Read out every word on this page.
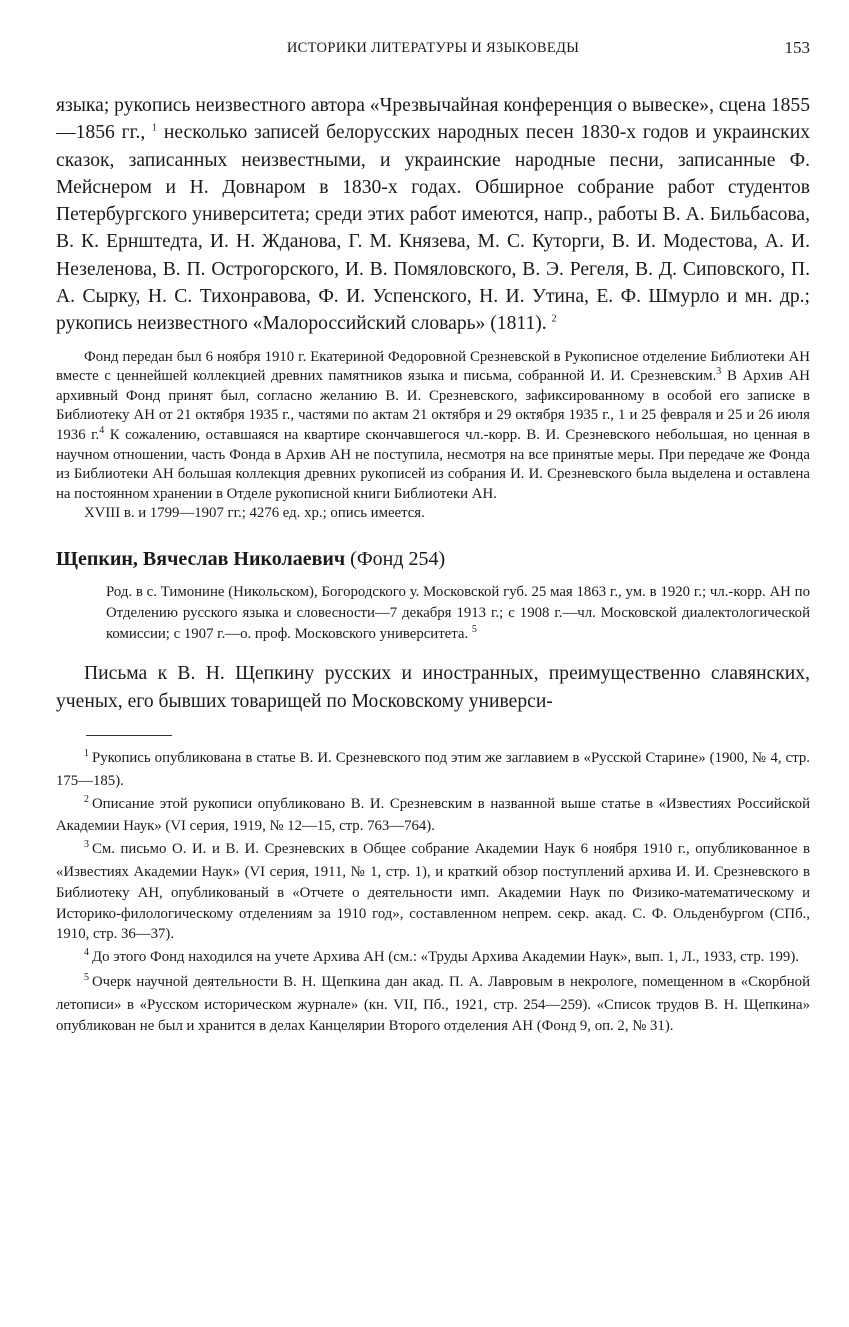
ИСТОРИКИ ЛИТЕРАТУРЫ И ЯЗЫКОВЕДЫ	153

языка; рукопись неизвестного автора «Чрезвычайная конференция о вывеске», сцена 1855—1856 гг., $^1$ несколько записей белорусских народных песен 1830-х годов и украинских сказок, записанных неизвестными, и украинские народные песни, записанные Ф. Мейснером и Н. Довнаром в 1830-х годах. Обширное собрание работ студентов Петербургского университета; среди этих работ имеются, напр., работы В. А. Бильбасова, В. К. Ернштедта, И. Н. Жданова, Г. М. Князева, М. С. Куторги, В. И. Модестова, А. И. Незеленова, В. П. Острогорского, И. В. Помяловского, В. Э. Регеля, В. Д. Сиповского, П. А. Сырку, Н. С. Тихонравова, Ф. И. Успенского, Н. И. Утина, Е. Ф. Шмурло и мн. др.; рукопись неизвестного «Малороссийский словарь» (1811). $^2$

Фонд передан был 6 ноября 1910 г. Екатериной Федоровной Срезневской в Рукописное отделение Библиотеки АН вместе с ценнейшей коллекцией древних памятников языка и письма, собранной И. И. Срезневским.$^3$ В Архив АН архивный Фонд принят был, согласно желанию В. И. Срезневского, зафиксированному в особой его записке в Библиотеку АН от 21 октября 1935 г., частями по актам 21 октября и 29 октября 1935 г., 1 и 25 февраля и 25 и 26 июля 1936 г.$^4$ К сожалению, оставшаяся на квартире скончавшегося чл.-корр. В. И. Срезневского небольшая, но ценная в научном отношении, часть Фонда в Архив АН не поступила, несмотря на все принятые меры. При передаче же Фонда из Библиотеки АН большая коллекция древних рукописей из собрания И. И. Срезневского была выделена и оставлена на постоянном хранении в Отделе рукописной книги Библиотеки АН.

XVIII в. и 1799—1907 гг.; 4276 ед. хр.; опись имеется.

Щепкин, Вячеслав Николаевич (Фонд 254)
Род. в с. Тимонине (Никольском), Богородского у. Московской губ. 25 мая 1863 г., ум. в 1920 г.; чл.-корр. АН по Отделению русского языка и словесности—7 декабря 1913 г.; с 1908 г.—чл. Московской диалектологической комиссии; с 1907 г.—о. проф. Московского университета. $^5$
Письма к В. Н. Щепкину русских и иностранных, преимущественно славянских, ученых, его бывших товарищей по Московскому универси-

$^1$ Рукопись опубликована в статье В. И. Срезневского под этим же заглавием в «Русской Старине» (1900, № 4, стр. 175—185).

$^2$ Описание этой рукописи опубликовано В. И. Срезневским в названной выше статье в «Известиях Российской Академии Наук» (VI серия, 1919, № 12—15, стр. 763—764).

$^3$ См. письмо О. И. и В. И. Срезневских в Общее собрание Академии Наук 6 ноября 1910 г., опубликованное в «Известиях Академии Наук» (VI серия, 1911, № 1, стр. 1), и краткий обзор поступлений архива И. И. Срезневского в Библиотеку АН, опубликованый в «Отчете о деятельности имп. Академии Наук по Физико-математическому и Историко-филологическому отделениям за 1910 год», составленном непрем. секр. акад. С. Ф. Ольденбургом (СПб., 1910, стр. 36—37).

$^4$ До этого Фонд находился на учете Архива АН (см.: «Труды Архива Академии Наук», вып. 1, Л., 1933, стр. 199).

$^5$ Очерк научной деятельности В. Н. Щепкина дан акад. П. А. Лавровым в некрологе, помещенном в «Скорбной летописи» в «Русском историческом журнале» (кн. VII, Пб., 1921, стр. 254—259). «Список трудов В. Н. Щепкина» опубликован не был и хранится в делах Канцелярии Второго отделения АН (Фонд 9, оп. 2, № 31).
